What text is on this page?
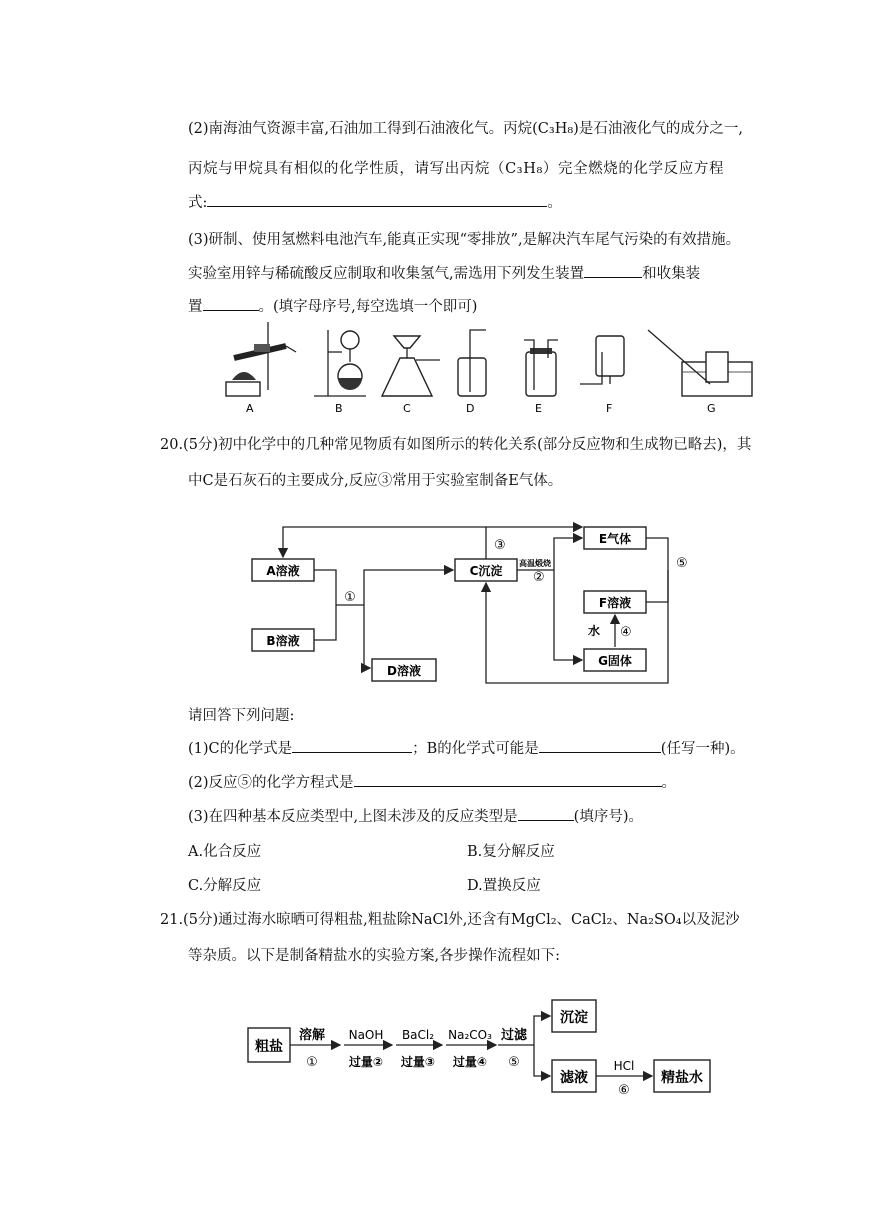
(2)南海油气资源丰富,石油加工得到石油液化气。丙烷(C₃H₈)是石油液化气的成分之一,
丙烷与甲烷具有相似的化学性质，请写出丙烷（C₃H₈）完全燃烧的化学反应方程
式:	。
(3)研制、使用氢燃料电池汽车,能真正实现“零排放”,是解决汽车尾气污染的有效措施。
实验室用锌与稀硫酸反应制取和收集氢气,需选用下列发生装置	和收集装
置	。(填字母序号,每空选填一个即可)
A	B	C	D	E	F	G
20.(5分)初中化学中的几种常见物质有如图所示的转化关系(部分反应物和生成物已略去)，其
中C是石灰石的主要成分,反应③常用于实验室制备E气体。
A溶液
B溶液
D溶液
C沉淀
E气体
F溶液
G固体
①
③
高温煅烧
②
水 ④
⑤
请回答下列问题:
(1)C的化学式是	；B的化学式可能是	(任写一种)。
(2)反应⑤的化学方程式是	。
(3)在四种基本反应类型中,上图未涉及的反应类型是	(填序号)。
A.化合反应	B.复分解反应
C.分解反应	D.置换反应
21.(5分)通过海水晾晒可得粗盐,粗盐除NaCl外,还含有MgCl₂、CaCl₂、Na₂SO₄以及泥沙
等杂质。以下是制备精盐水的实验方案,各步操作流程如下:
粗盐
溶解
①
NaOH
过量②
BaCl₂
过量③
Na₂CO₃
过量④
过滤
⑤
沉淀
滤液
HCl
⑥
精盐水
